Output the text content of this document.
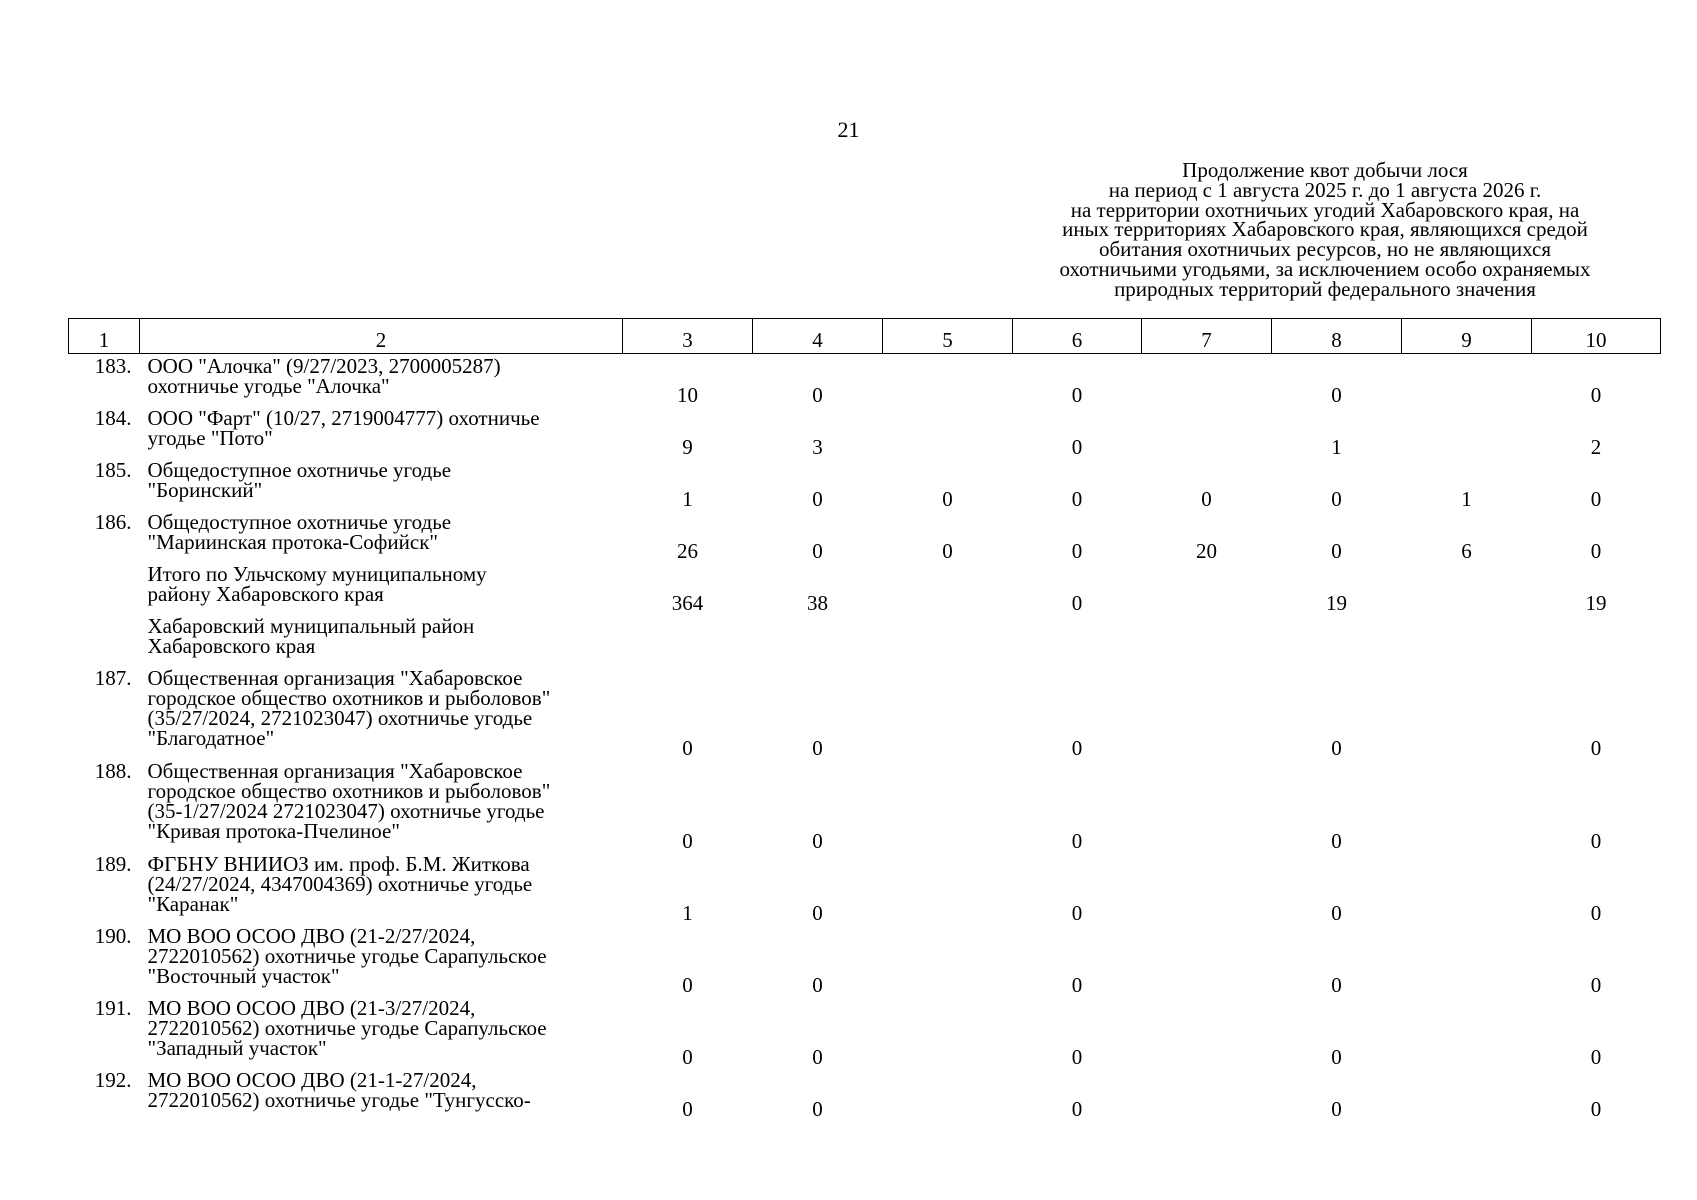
21
Продолжение квот добычи лося
на период с 1 августа 2025 г. до 1 августа 2026 г.
на территории охотничьих угодий Хабаровского края, на
иных территориях Хабаровского края, являющихся средой
обитания охотничьих ресурсов, но не являющихся
охотничьими угодьями, за исключением особо охраняемых
природных территорий федерального значения
1	2	3	4	5	6	7	8	9	10
183.	ООО "Алочка" (9/27/2023, 2700005287)
охотничье угодье "Алочка"	10	0		0		0		0
184.	ООО "Фарт" (10/27, 2719004777) охотничье
угодье "Пото"	9	3		0		1		2
185.	Общедоступное охотничье угодье
"Боринский"	1	0	0	0	0	0	1	0
186.	Общедоступное охотничье угодье
"Мариинская протока-Софийск"	26	0	0	0	20	0	6	0

	Итого по Ульчскому муниципальному
району Хабаровского края	364	38		0		19		19

	Хабаровский муниципальный район
Хабаровского края								

187.	Общественная организация "Хабаровское
городское общество охотников и рыболовов"
(35/27/2024, 2721023047) охотничье угодье
"Благодатное"	0	0		0		0		0
188.	Общественная организация "Хабаровское
городское общество охотников и рыболовов"
(35-1/27/2024 2721023047) охотничье угодье
"Кривая протока-Пчелиное"	0	0		0		0		0
189.	ФГБНУ ВНИИОЗ им. проф. Б.М. Житкова
(24/27/2024, 4347004369) охотничье угодье
"Каранак"	1	0		0		0		0
190.	МО ВОО ОСОО ДВО (21-2/27/2024,
2722010562) охотничье угодье Сарапульское
"Восточный участок"	0	0		0		0		0
191.	МО ВОО ОСОО ДВО (21-3/27/2024,
2722010562) охотничье угодье Сарапульское
"Западный участок"	0	0		0		0		0
192.	МО ВОО ОСОО ДВО (21-1-27/2024,
2722010562) охотничье угодье "Тунгусско-	0	0		0		0		0
